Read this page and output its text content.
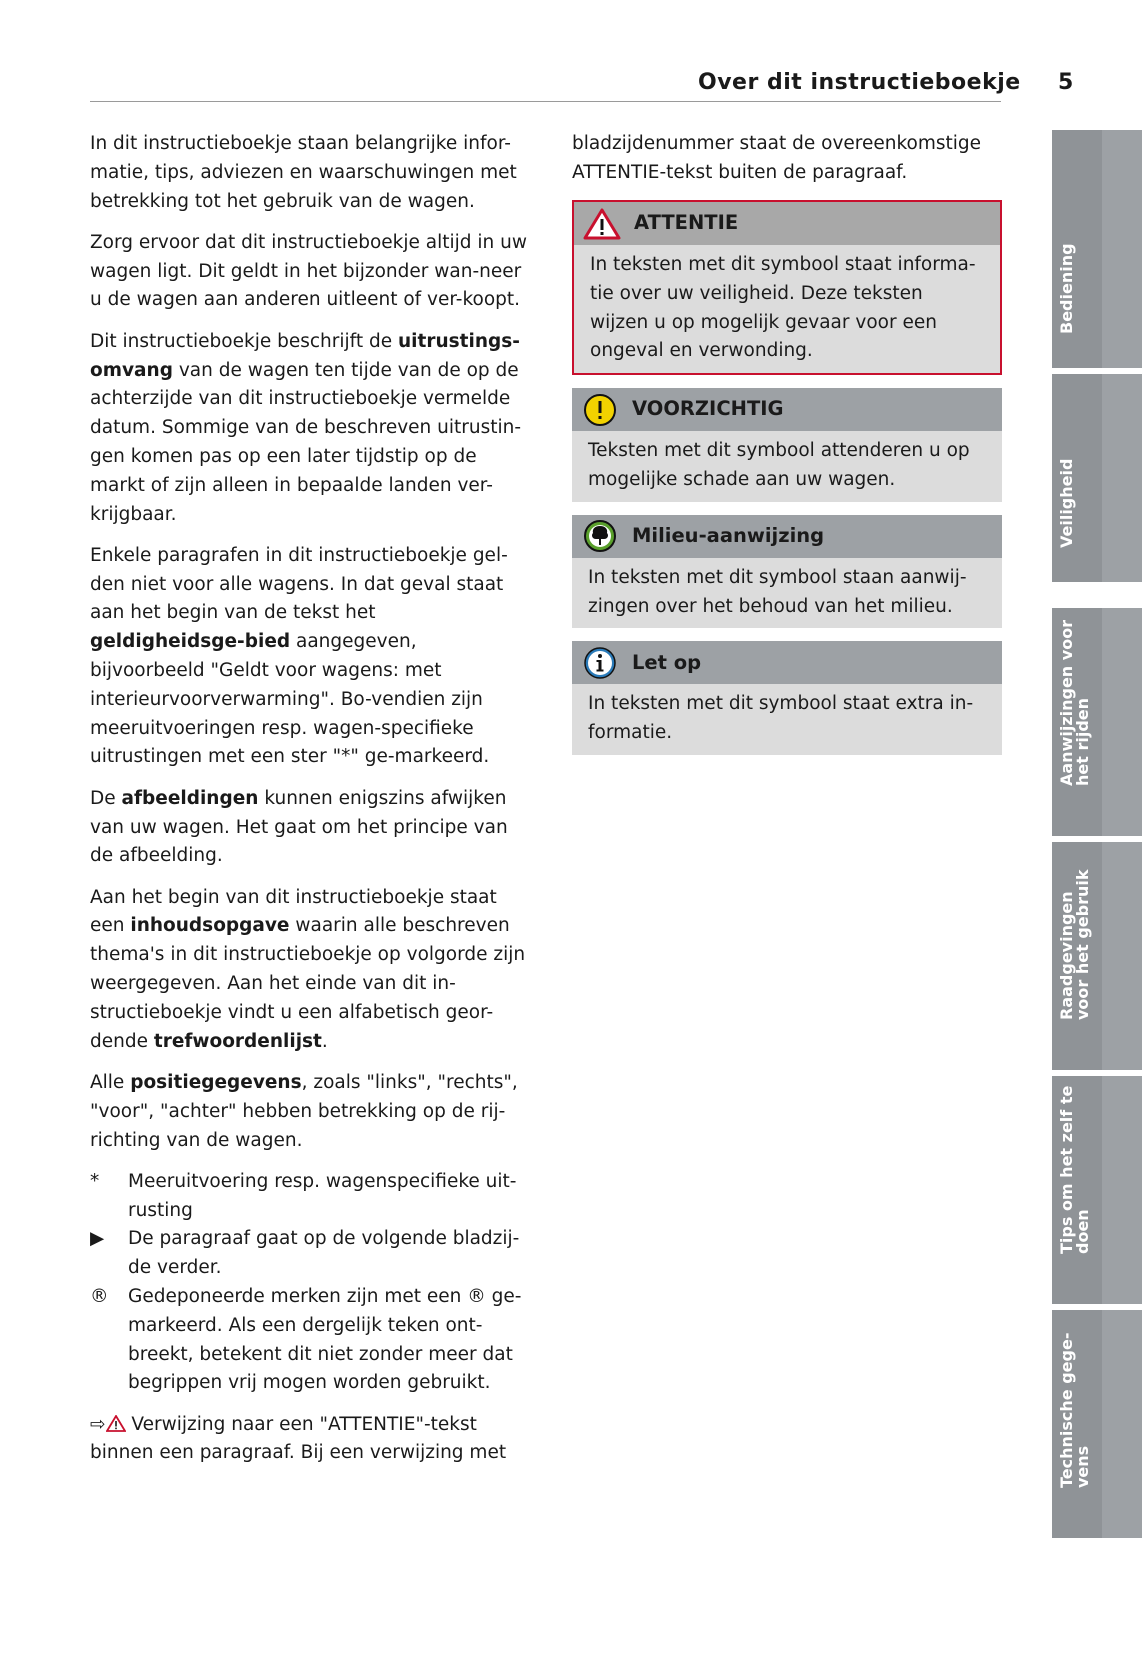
Over dit instructieboekje 5

In dit instructieboekje staan belangrijke infor-matie, tips, adviezen en waarschuwingen met betrekking tot het gebruik van de wagen.

Zorg ervoor dat dit instructieboekje altijd in uw wagen ligt. Dit geldt in het bijzonder wan-neer u de wagen aan anderen uitleent of ver-koopt.

Dit instructieboekje beschrijft de uitrustings-omvang van de wagen ten tijde van de op de achterzijde van dit instructieboekje vermelde datum. Sommige van de beschreven uitrustin-gen komen pas op een later tijdstip op de markt of zijn alleen in bepaalde landen ver-krijgbaar.

Enkele paragrafen in dit instructieboekje gel-den niet voor alle wagens. In dat geval staat aan het begin van de tekst het geldigheidsge-bied aangegeven, bijvoorbeeld "Geldt voor wagens: met interieurvoorverwarming". Bo-vendien zijn meeruitvoeringen resp. wagen-specifieke uitrustingen met een ster "*" ge-markeerd.

De afbeeldingen kunnen enigszins afwijken van uw wagen. Het gaat om het principe van de afbeelding.

Aan het begin van dit instructieboekje staat een inhoudsopgave waarin alle beschreven thema's in dit instructieboekje op volgorde zijn weergegeven. Aan het einde van dit in-structieboekje vindt u een alfabetisch geor-dende trefwoordenlijst.

Alle positiegegevens, zoals "links", "rechts", "voor", "achter" hebben betrekking op de rij-richting van de wagen.

*	Meeruitvoering resp. wagenspecifieke uit-rusting
▶	De paragraaf gaat op de volgende bladzij-de verder.
®	Gedeponeerde merken zijn met een ® ge-markeerd. Als een dergelijk teken ont-breekt, betekent dit niet zonder meer dat begrippen vrij mogen worden gebruikt.

⇨ Verwijzing naar een "ATTENTIE"-tekst binnen een paragraaf. Bij een verwijzing met

bladzijdenummer staat de overeenkomstige ATTENTIE-tekst buiten de paragraaf.

ATTENTIE
In teksten met dit symbool staat informa-tie over uw veiligheid. Deze teksten wijzen u op mogelijk gevaar voor een ongeval en verwonding.
VOORZICHTIG
Teksten met dit symbool attenderen u op mogelijke schade aan uw wagen.
Milieu-aanwijzing
In teksten met dit symbool staan aanwij-zingen over het behoud van het milieu.
Let op
In teksten met dit symbool staat extra in-formatie.
Bediening
Veiligheid
Aanwijzingen voor
het rijden
Raadgevingen
voor het gebruik
Tips om het zelf te
doen
Technische gege-
vens
